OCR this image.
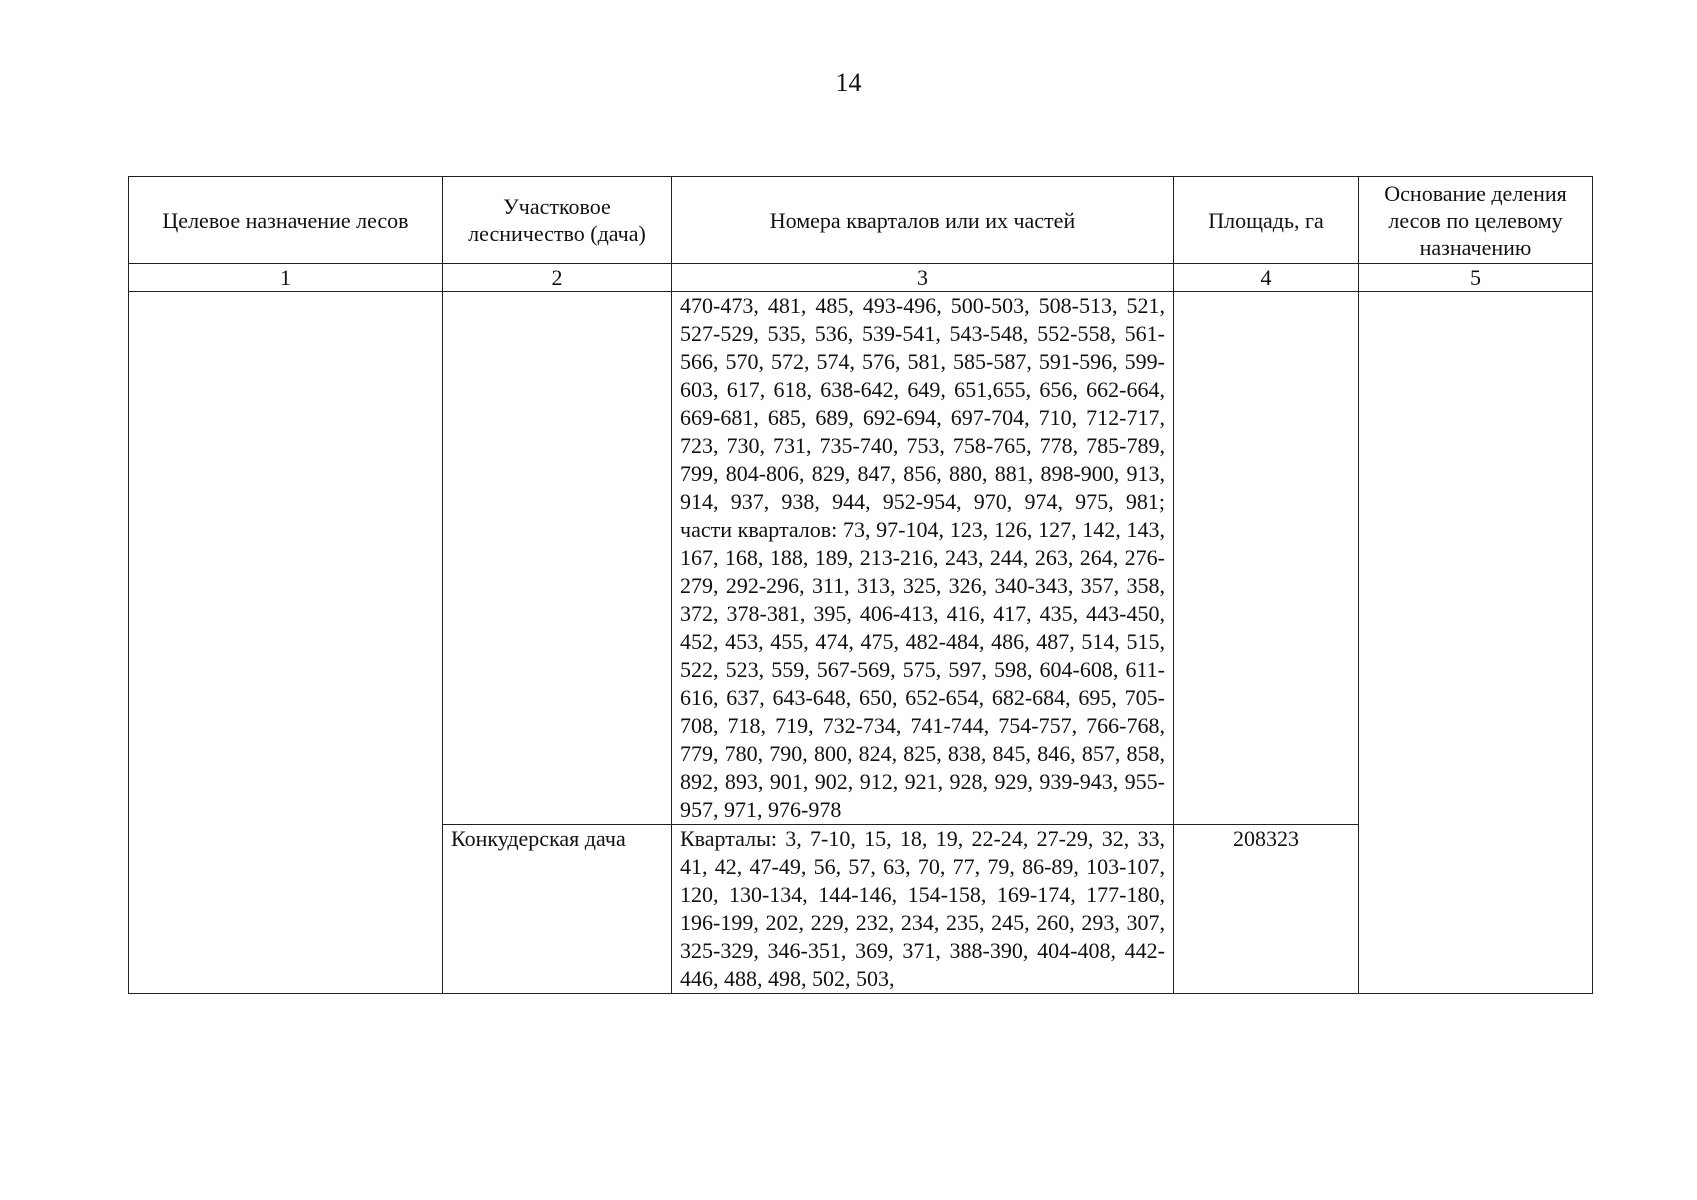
14
Целевое назначение лесов	Участковое лесничество (дача)	Номера кварталов или их частей	Площадь, га	Основание деления лесов по целевому назначению
1	2	3	4	5
		470-473, 481, 485, 493-496, 500-503, 508-513, 521, 527-529, 535, 536, 539-541, 543-548, 552-558, 561-566, 570, 572, 574, 576, 581, 585-587, 591-596, 599-603, 617, 618, 638-642, 649, 651,655, 656, 662-664, 669-681, 685, 689, 692-694, 697-704, 710, 712-717, 723, 730, 731, 735-740, 753, 758-765, 778, 785-789, 799, 804-806, 829, 847, 856, 880, 881, 898-900, 913, 914, 937, 938, 944, 952-954, 970, 974, 975, 981; части кварталов: 73, 97-104, 123, 126, 127, 142, 143, 167, 168, 188, 189, 213-216, 243, 244, 263, 264, 276-279, 292-296, 311, 313, 325, 326, 340-343, 357, 358, 372, 378-381, 395, 406-413, 416, 417, 435, 443-450, 452, 453, 455, 474, 475, 482-484, 486, 487, 514, 515, 522, 523, 559, 567-569, 575, 597, 598, 604-608, 611-616, 637, 643-648, 650, 652-654, 682-684, 695, 705-708, 718, 719, 732-734, 741-744, 754-757, 766-768, 779, 780, 790, 800, 824, 825, 838, 845, 846, 857, 858, 892, 893, 901, 902, 912, 921, 928, 929, 939-943, 955-957, 971, 976-978		
	Конкудерская дача	Кварталы: 3, 7-10, 15, 18, 19, 22-24, 27-29, 32, 33, 41, 42, 47-49, 56, 57, 63, 70, 77, 79, 86-89, 103-107, 120, 130-134, 144-146, 154-158, 169-174, 177-180, 196-199, 202, 229, 232, 234, 235, 245, 260, 293, 307, 325-329, 346-351, 369, 371, 388-390, 404-408, 442-446, 488, 498, 502, 503,	208323	
